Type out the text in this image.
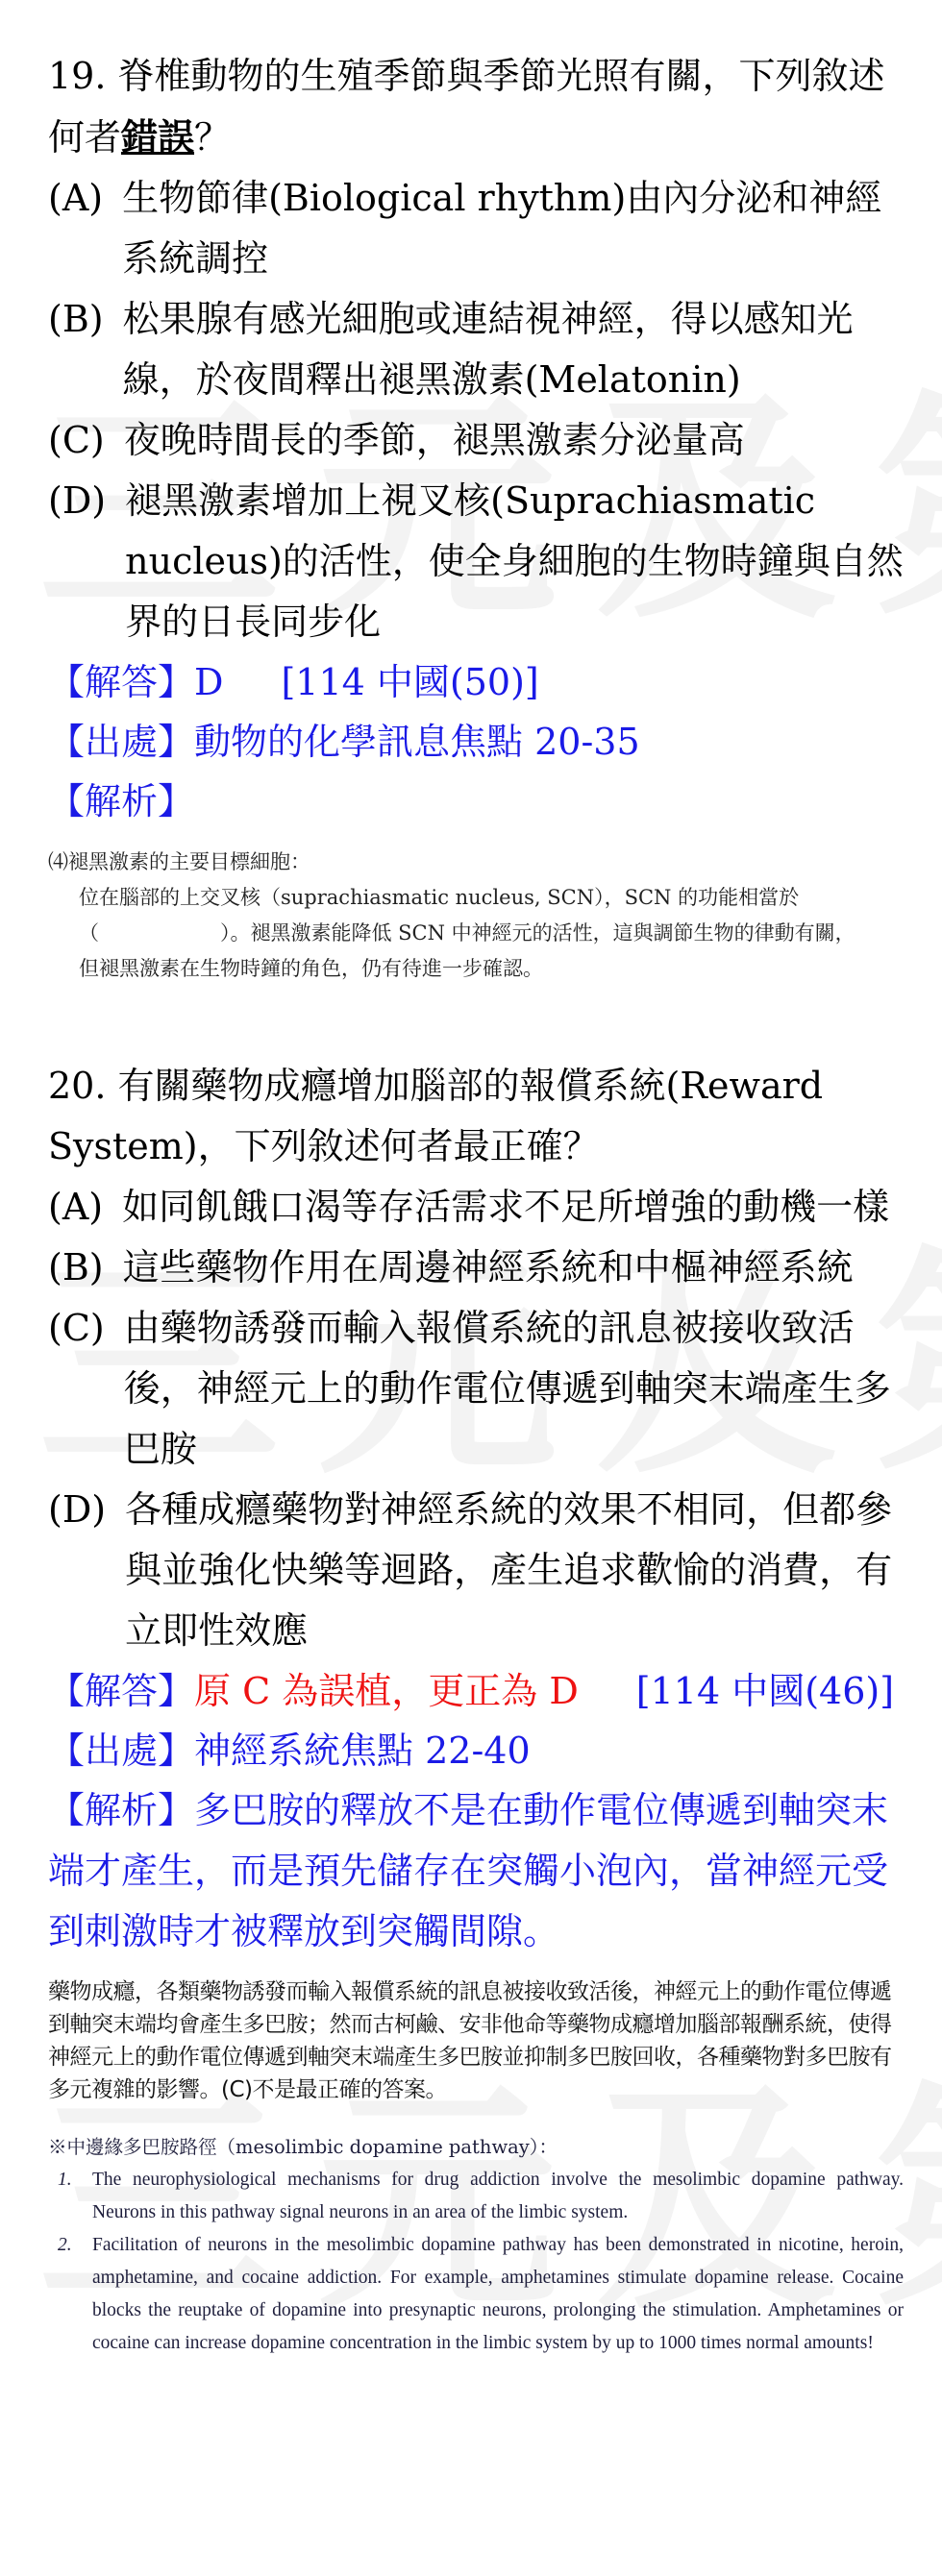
19. 脊椎動物的生殖季節與季節光照有關，下列敘述何者錯誤？

(A) 生物節律(Biological rhythm)由內分泌和神經系統調控
(B) 松果腺有感光細胞或連結視神經，得以感知光線，於夜間釋出褪黑激素(Melatonin)
(C) 夜晚時間長的季節，褪黑激素分泌量高
(D) 褪黑激素增加上視叉核(Suprachiasmatic nucleus)的活性，使全身細胞的生物時鐘與自然界的日長同步化
【解答】D [114 中國(50)]
【出處】動物的化學訊息焦點 20-35
【解析】
⑷褪黑激素的主要目標細胞：
位在腦部的上交叉核（suprachiasmatic nucleus, SCN），SCN 的功能相當於
（　　　　　　）。褪黑激素能降低 SCN 中神經元的活性，這與調節生物的律動有關，
但褪黑激素在生物時鐘的角色，仍有待進一步確認。

20. 有關藥物成癮增加腦部的報償系統(Reward System)，下列敘述何者最正確？

(A) 如同飢餓口渴等存活需求不足所增強的動機一樣
(B) 這些藥物作用在周邊神經系統和中樞神經系統
(C) 由藥物誘發而輸入報償系統的訊息被接收致活後，神經元上的動作電位傳遞到軸突末端產生多巴胺
(D) 各種成癮藥物對神經系統的效果不相同，但都參與並強化快樂等迴路，產生追求歡愉的消費，有立即性效應
【解答】原 C 為誤植，更正為 D [114 中國(46)]
【出處】神經系統焦點 22-40
【解析】多巴胺的釋放不是在動作電位傳遞到軸突末端才產生，而是預先儲存在突觸小泡內，當神經元受到刺激時才被釋放到突觸間隙。
藥物成癮，各類藥物誘發而輸入報償系統的訊息被接收致活後，神經元上的動作電位傳遞到軸突末端均會產生多巴胺；然而古柯鹼、安非他命等藥物成癮增加腦部報酬系統，使得神經元上的動作電位傳遞到軸突末端產生多巴胺並抑制多巴胺回收，各種藥物對多巴胺有多元複雜的影響。(C)不是最正確的答案。
※中邊緣多巴胺路徑（mesolimbic dopamine pathway）：
1.	The neurophysiological mechanisms for drug addiction involve the mesolimbic dopamine pathway. Neurons in this pathway signal neurons in an area of the limbic system.
2.	Facilitation of neurons in the mesolimbic dopamine pathway has been demonstrated in nicotine, heroin, amphetamine, and cocaine addiction. For example, amphetamines stimulate dopamine release. Cocaine blocks the reuptake of dopamine into presynaptic neurons, prolonging the stimulation. Amphetamines or cocaine can increase dopamine concentration in the limbic system by up to 1000 times normal amounts!
